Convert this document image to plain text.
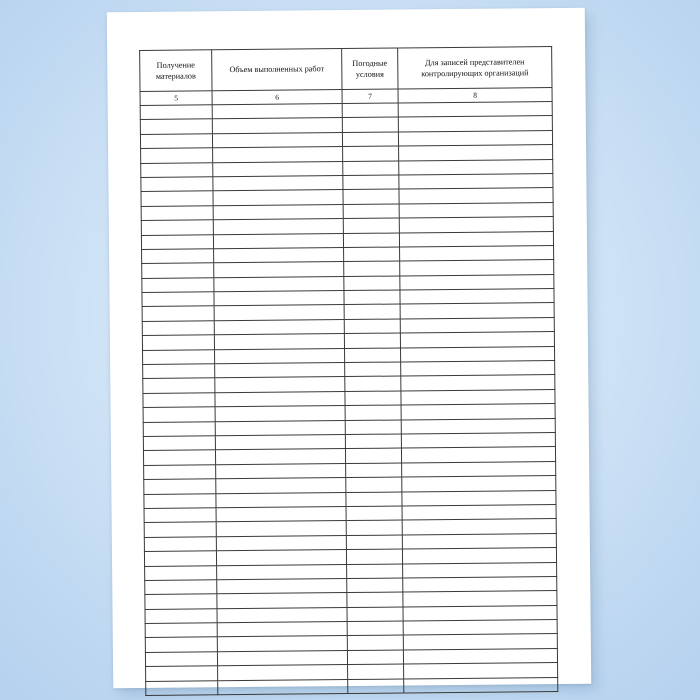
Получение материалов	Объем выполненных работ	Погодные условия	Для записей представителен контролирующих организаций
5	6	7	8
